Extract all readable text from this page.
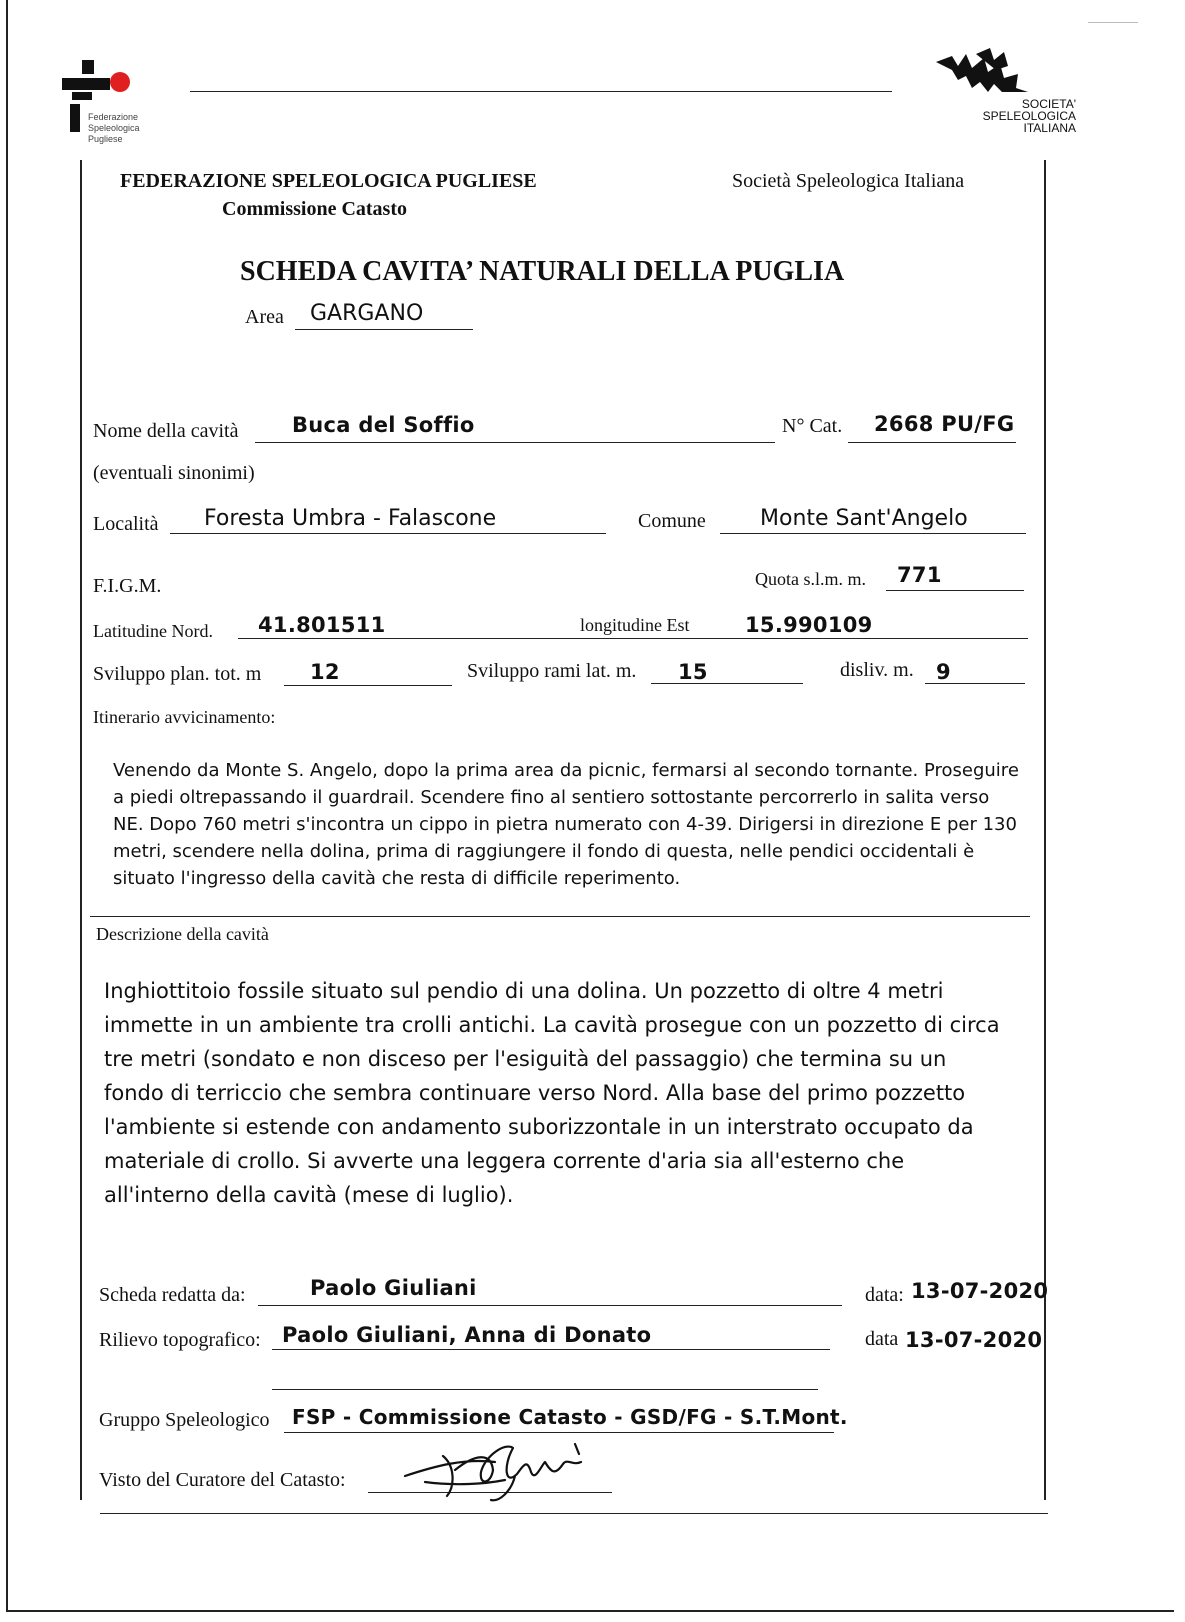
Federazione
Speleologica
Pugliese
SOCIETA'
SPELEOLOGICA
ITALIANA
FEDERAZIONE SPELEOLOGICA PUGLIESE
Commissione Catasto
Società Speleologica Italiana
SCHEDA CAVITA’ NATURALI DELLA PUGLIA
Area GARGANO
Nome della cavità	Buca del Soffio	N° Cat. 2668 PU/FG
(eventuali sinonimi)
Località Foresta Umbra - Falascone	Comune Monte Sant'Angelo
F.I.G.M.	Quota s.l.m. m. 771
Latitudine Nord. 41.801511	longitudine Est	15.990109
Sviluppo plan. tot. m 12	Sviluppo rami lat. m. 15	disliv. m. 9
Itinerario avvicinamento:
Venendo da Monte S. Angelo, dopo la prima area da picnic, fermarsi al secondo tornante. Proseguire
a piedi oltrepassando il guardrail. Scendere fino al sentiero sottostante percorrerlo in salita verso
NE. Dopo 760 metri s'incontra un cippo in pietra numerato con 4-39. Dirigersi in direzione E per 130
metri, scendere nella dolina, prima di raggiungere il fondo di questa, nelle pendici occidentali è
situato l'ingresso della cavità che resta di difficile reperimento.
Descrizione della cavità
Inghiottitoio fossile situato sul pendio di una dolina. Un pozzetto di oltre 4 metri
immette in un ambiente tra crolli antichi. La cavità prosegue con un pozzetto di circa
tre metri (sondato e non disceso per l'esiguità del passaggio) che termina su un
fondo di terriccio che sembra continuare verso Nord. Alla base del primo pozzetto
l'ambiente si estende con andamento suborizzontale in un interstrato occupato da
materiale di crollo. Si avverte una leggera corrente d'aria sia all'esterno che
all'interno della cavità (mese di luglio).
Scheda redatta da:	Paolo Giuliani	data: 13-07-2020
Rilievo topografico: Paolo Giuliani, Anna di Donato	data 13-07-2020
Gruppo Speleologico FSP - Commissione Catasto - GSD/FG - S.T.Mont.
Visto del Curatore del Catasto:
